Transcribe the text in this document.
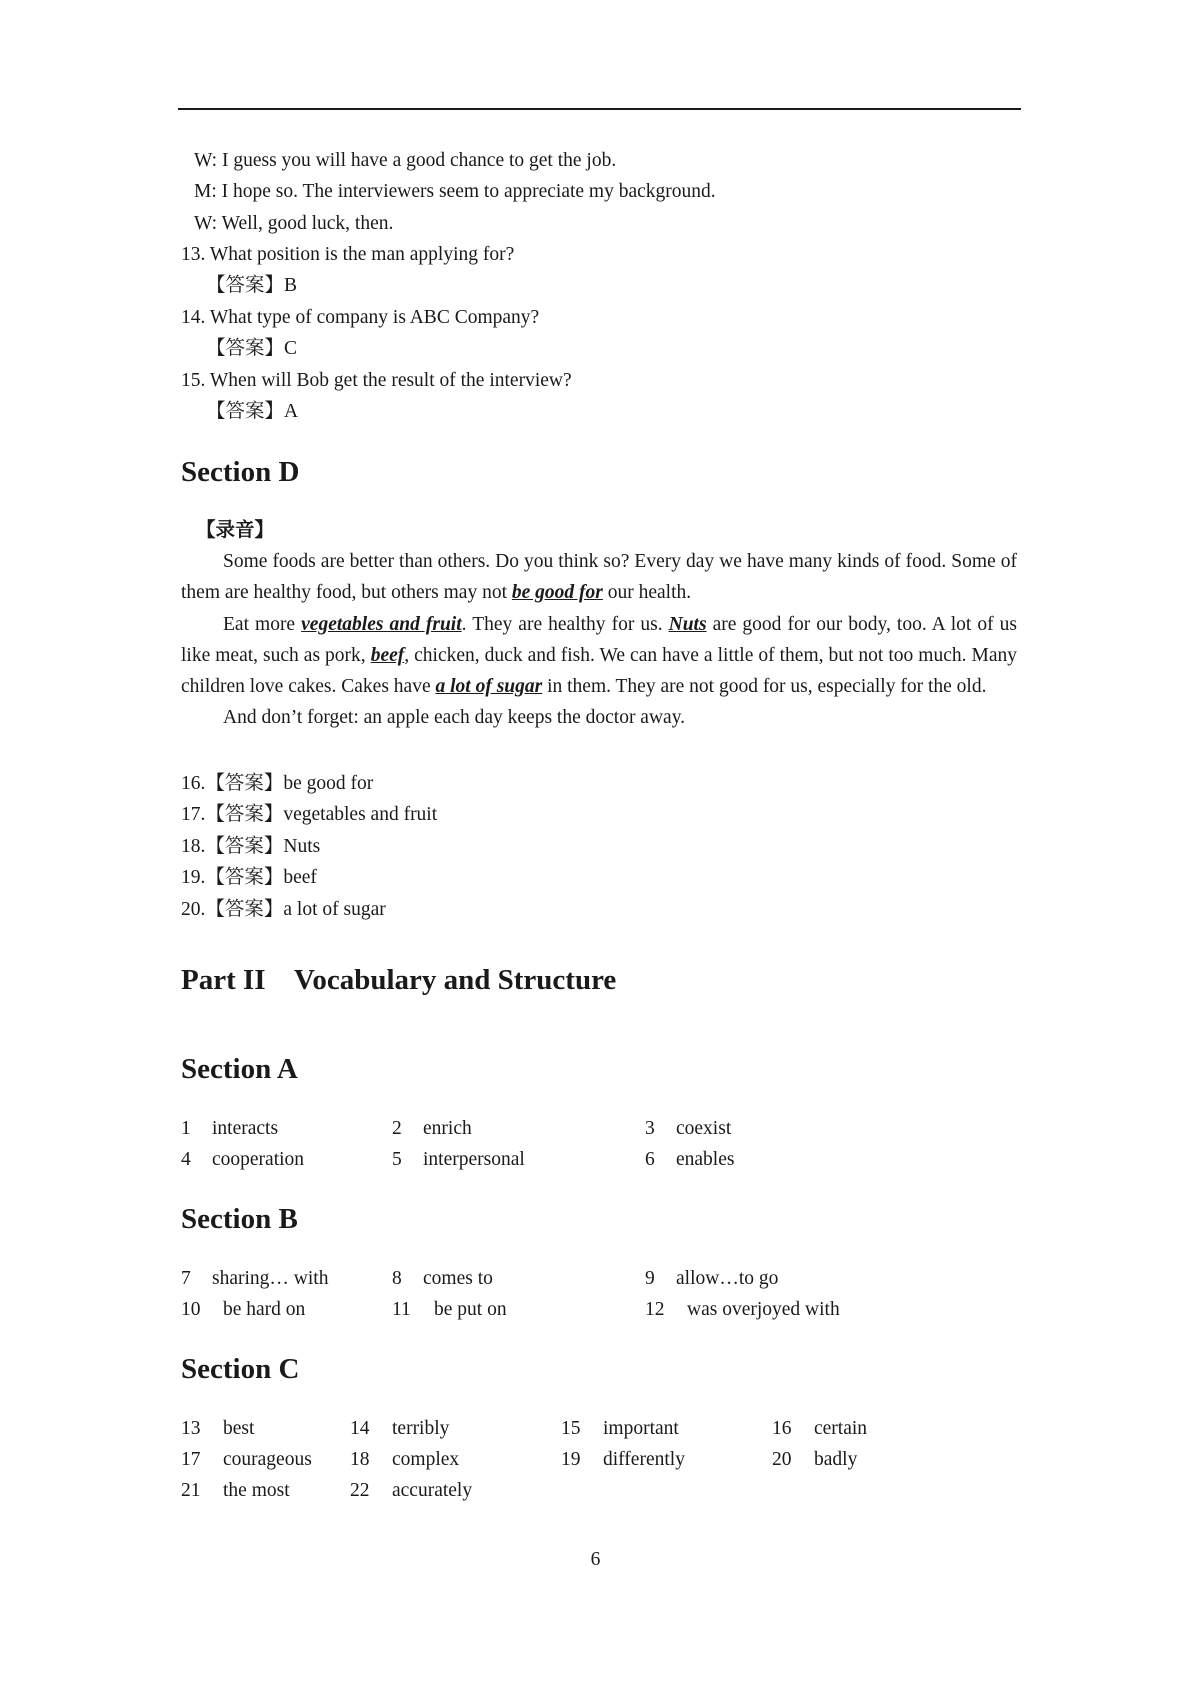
W: I guess you will have a good chance to get the job.
M: I hope so. The interviewers seem to appreciate my background.
W: Well, good luck, then.
13. What position is the man applying for?
【答案】B
14. What type of company is ABC Company?
【答案】C
15. When will Bob get the result of the interview?
【答案】A
Section D
【录音】

Some foods are better than others. Do you think so? Every day we have many kinds of food. Some of them are healthy food, but others may not be good for our health.

Eat more vegetables and fruit. They are healthy for us. Nuts are good for our body, too. A lot of us like meat, such as pork, beef, chicken, duck and fish. We can have a little of them, but not too much. Many children love cakes. Cakes have a lot of sugar in them. They are not good for us, especially for the old.

And don’t forget: an apple each day keeps the doctor away.

16.【答案】be good for
17.【答案】vegetables and fruit
18.【答案】Nuts
19.【答案】beef
20.【答案】a lot of sugar
Part II    Vocabulary and Structure
Section A
1 interacts	2 enrich	3 coexist
4 cooperation	5 interpersonal	6 enables
Section B
7 sharing… with	8 comes to	9 allow…to go
10 be hard on	11 be put on	12 was overjoyed with
Section C
13 best	14 terribly	15 important	16 certain
17 courageous 18 complex	19 differently	20 badly
21 the most	22 accurately
6
